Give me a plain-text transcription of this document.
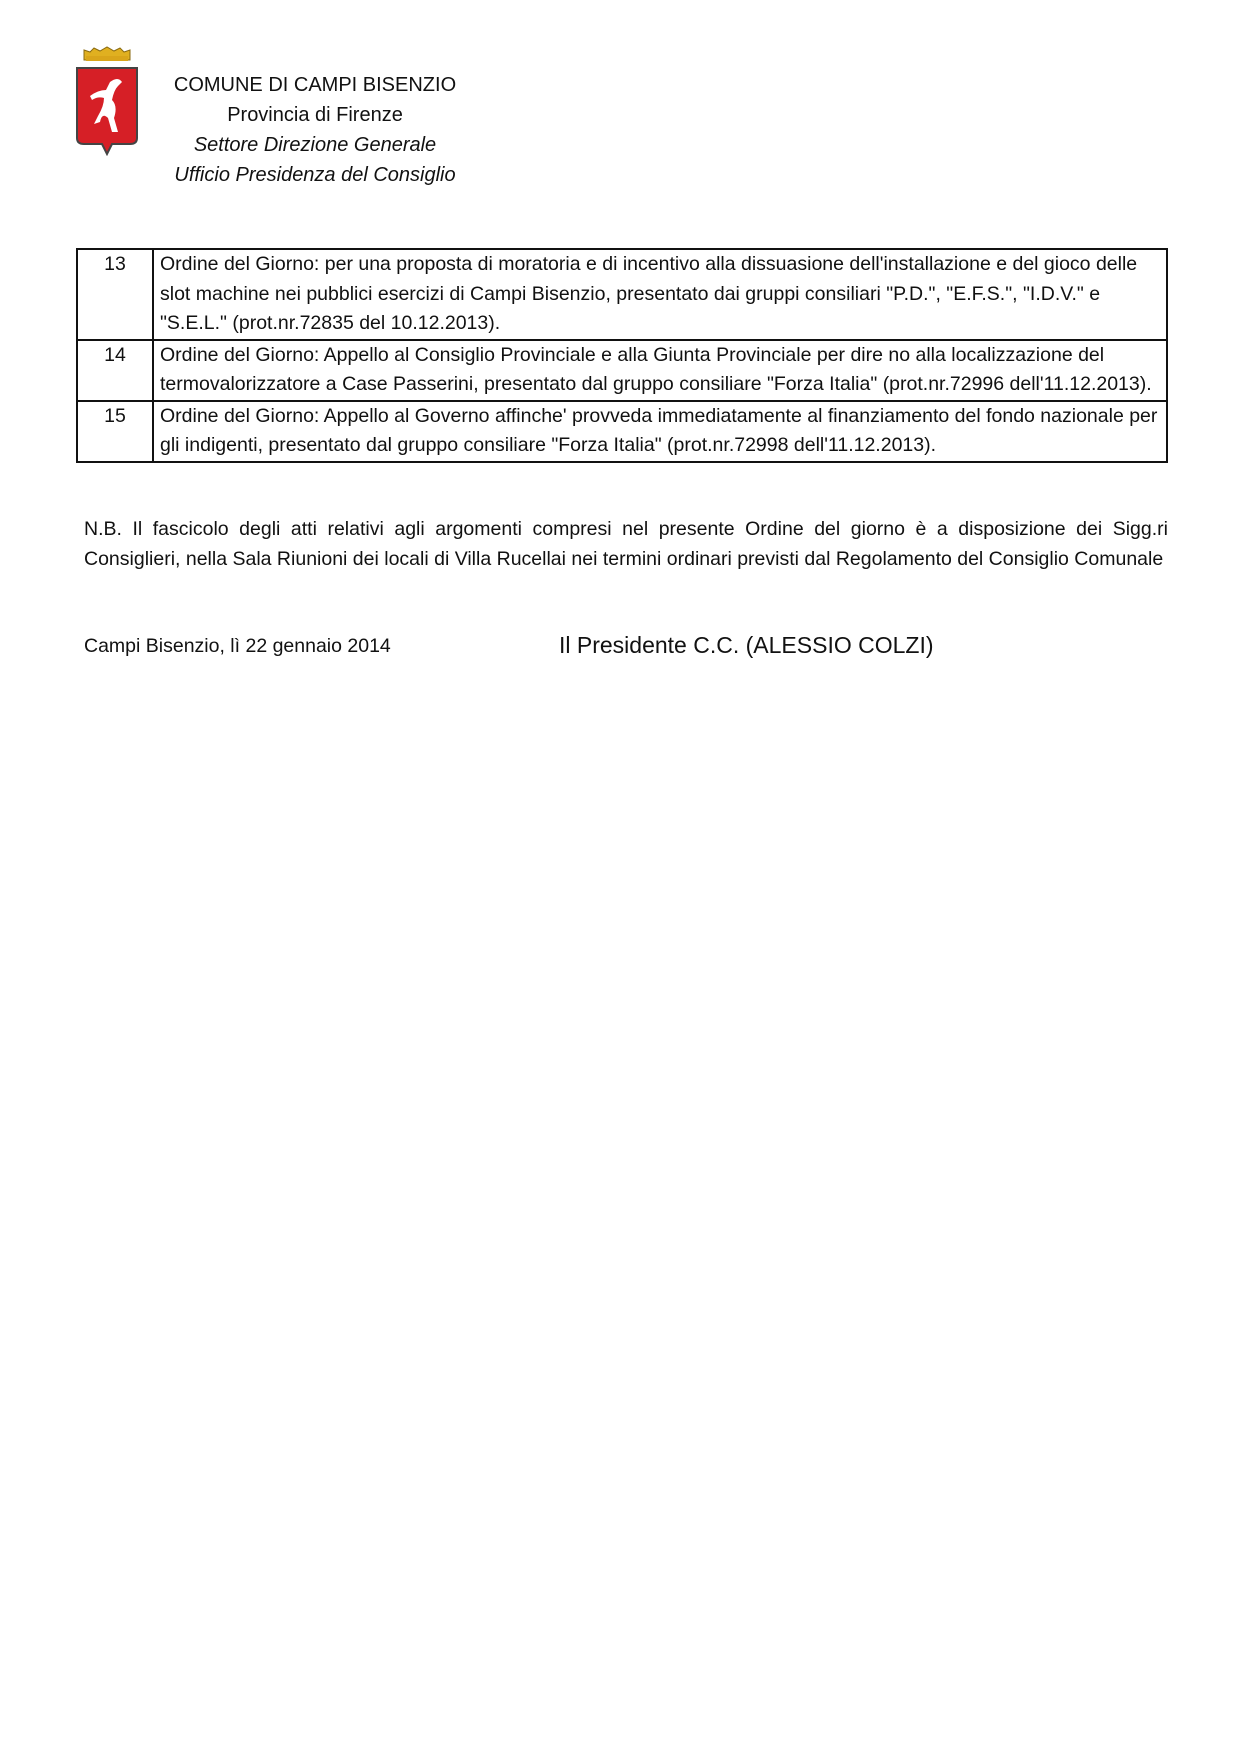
COMUNE DI CAMPI BISENZIO
Provincia di Firenze
Settore Direzione Generale
Ufficio Presidenza del Consiglio
13	Ordine del Giorno: per una proposta di moratoria e di incentivo alla dissuasione dell'installazione e del gioco delle slot machine nei pubblici esercizi di Campi Bisenzio, presentato dai gruppi consiliari "P.D.", "E.F.S.", "I.D.V." e "S.E.L." (prot.nr.72835 del 10.12.2013).
14	Ordine del Giorno: Appello al Consiglio Provinciale e alla Giunta Provinciale per dire no alla localizzazione del termovalorizzatore a Case Passerini, presentato dal gruppo consiliare "Forza Italia" (prot.nr.72996 dell'11.12.2013).
15	Ordine del Giorno: Appello al Governo affinche' provveda immediatamente al finanziamento del fondo nazionale per gli indigenti, presentato dal gruppo consiliare "Forza Italia" (prot.nr.72998 dell'11.12.2013).
N.B. Il fascicolo degli atti relativi agli argomenti compresi nel presente Ordine del giorno è a disposizione dei Sigg.ri Consiglieri, nella Sala Riunioni dei locali di Villa Rucellai nei termini ordinari previsti dal Regolamento del Consiglio Comunale
Campi Bisenzio, lì 22 gennaio 2014	Il Presidente C.C. (ALESSIO COLZI)
